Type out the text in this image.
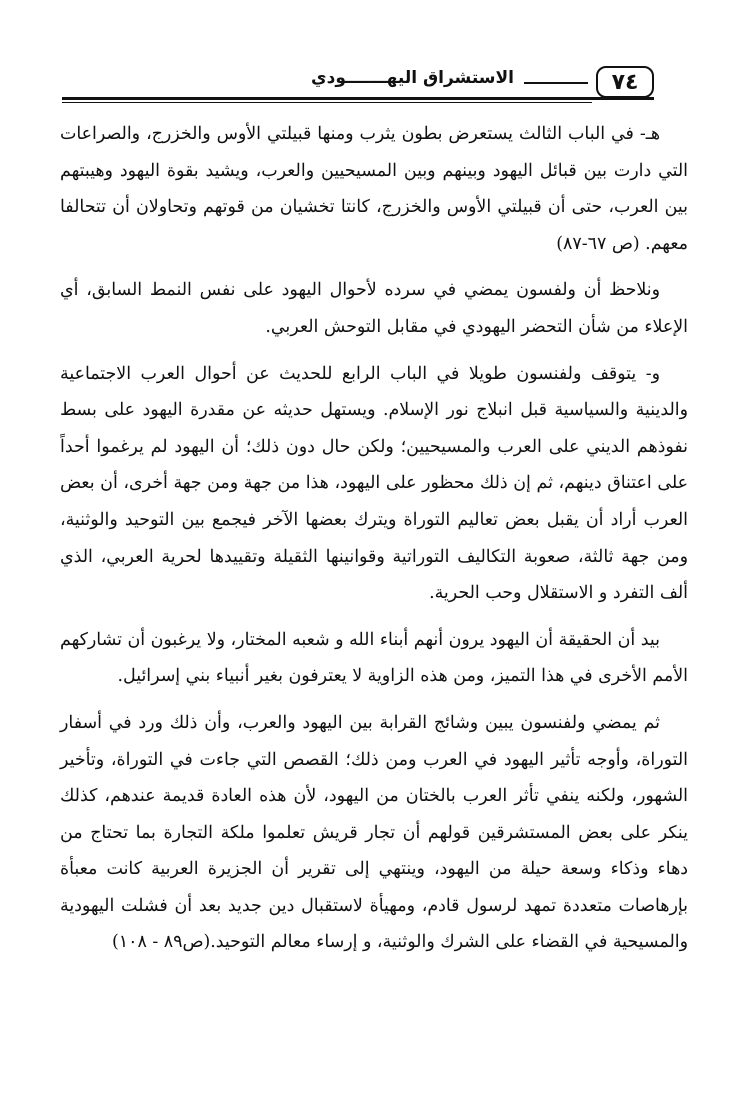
٧٤
الاستشراق اليهـــــــودي

هـ- في الباب الثالث يستعرض بطون يثرب ومنها قبيلتي الأوس والخزرج، والصراعات التي دارت بين قبائل اليهود وبينهم وبين المسيحيين والعرب، ويشيد بقوة اليهود وهيبتهم بين العرب، حتى أن قبيلتي الأوس والخزرج، كانتا تخشيان من قوتهم وتحاولان أن تتحالفا معهم. (ص ٦٧-٨٧)

ونلاحظ أن ولفسون يمضي في سرده لأحوال اليهود على نفس النمط السابق، أي الإعلاء من شأن التحضر اليهودي في مقابل التوحش العربي.

و- يتوقف ولفنسون طويلا في الباب الرابع للحديث عن أحوال العرب الاجتماعية والدينية والسياسية قبل انبلاج نور الإسلام. ويستهل حديثه عن مقدرة اليهود على بسط نفوذهم الديني على العرب والمسيحيين؛ ولكن حال دون ذلك؛ أن اليهود لم يرغموا أحداً على اعتناق دينهم، ثم إن ذلك محظور على اليهود، هذا من جهة ومن جهة أخرى، أن بعض العرب أراد أن يقبل بعض تعاليم التوراة ويترك بعضها الآخر فيجمع بين التوحيد والوثنية، ومن جهة ثالثة، صعوبة التكاليف التوراتية وقوانينها الثقيلة وتقييدها لحرية العربي، الذي ألف التفرد و الاستقلال وحب الحرية.

بيد أن الحقيقة أن اليهود يرون أنهم أبناء الله و شعبه المختار، ولا يرغبون أن تشاركهم الأمم الأخرى في هذا التميز، ومن هذه الزاوية لا يعترفون بغير أنبياء بني إسرائيل.

ثم يمضي ولفنسون يبين وشائج القرابة بين اليهود والعرب، وأن ذلك ورد في أسفار التوراة، وأوجه تأثير اليهود في العرب ومن ذلك؛ القصص التي جاءت في التوراة، وتأخير الشهور، ولكنه ينفي تأثر العرب بالختان من اليهود، لأن هذه العادة قديمة عندهم، كذلك ينكر على بعض المستشرقين قولهم أن تجار قريش تعلموا ملكة التجارة بما تحتاج من دهاء وذكاء وسعة حيلة من اليهود، وينتهي إلى تقرير أن الجزيرة العربية كانت معبأة بإرهاصات متعددة تمهد لرسول قادم، ومهيأة لاستقبال دين جديد بعد أن فشلت اليهودية والمسيحية في القضاء على الشرك والوثنية، و إرساء معالم التوحيد.(ص٨٩ - ١٠٨)
